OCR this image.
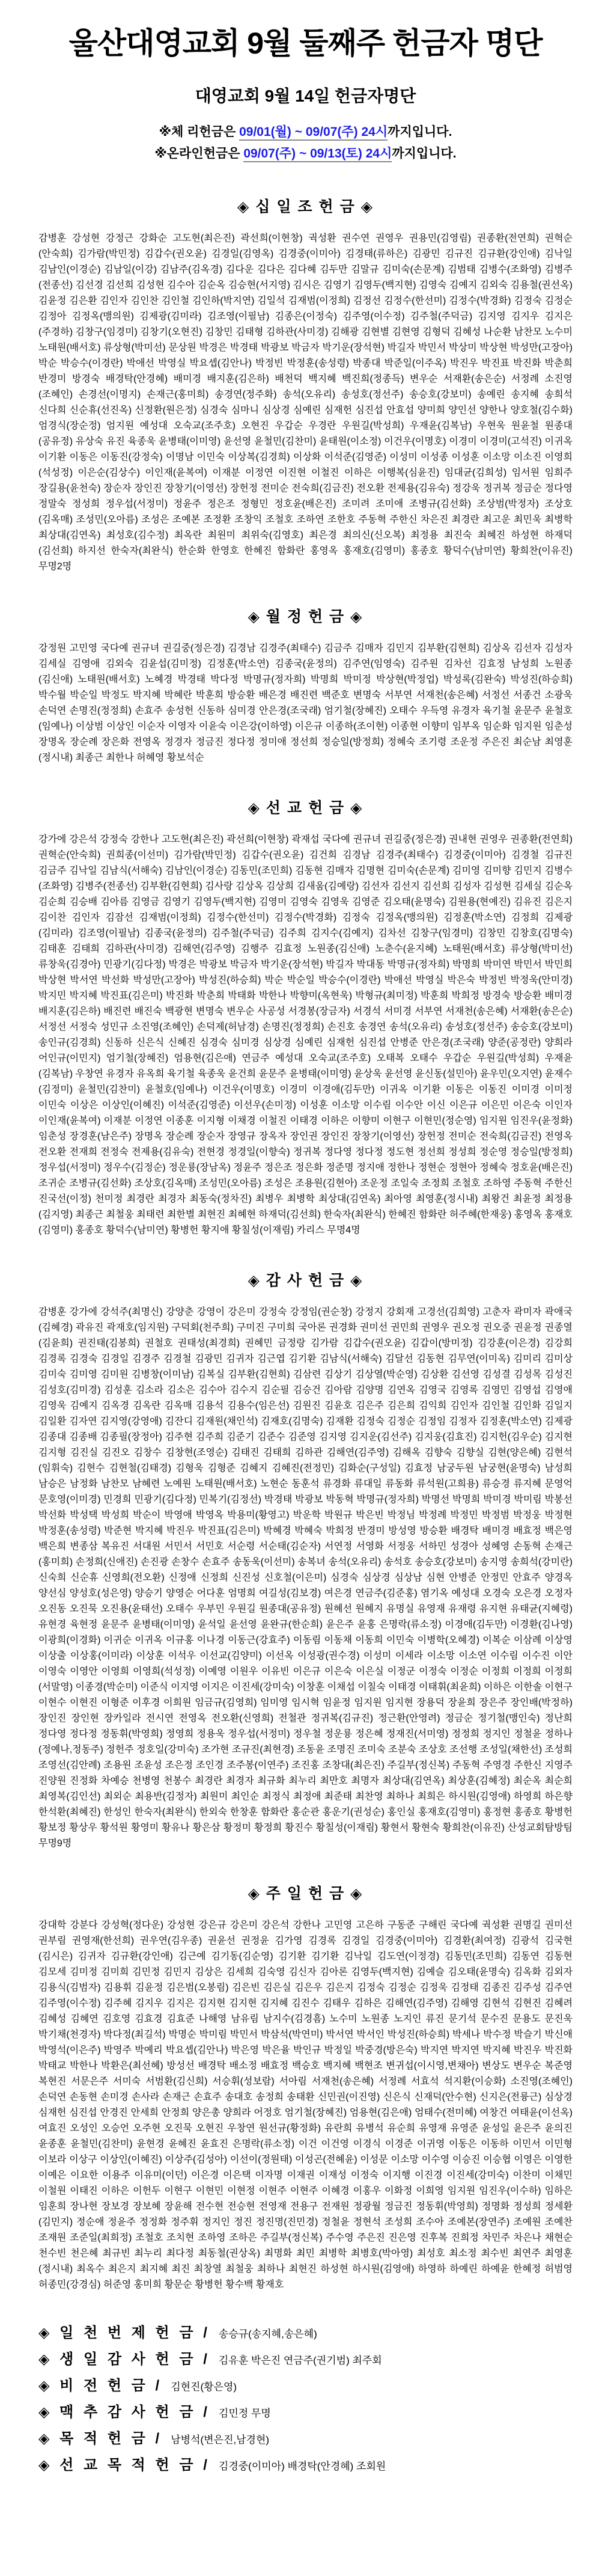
울산대영교회 9월 둘째주 헌금자 명단
대영교회 9월 14일 헌금자명단

※체 리헌금은 09/01(월) ~ 09/07(주) 24시까지입니다.

※온라인헌금은 09/07(주) ~ 09/13(토) 24시까지입니다.

◈ 십 일 조 헌 금 ◈

감병훈 강성현 강정근 강화순 고도현(최은진) 곽선희(이현창) 궉성환 권수연 권영우 권용민(김영림) 권종환(전연희) 권혁순(안숙희) 김가람(박민정) 김갑수(권오윤) 김경일(김영옥) 김경중(이미아) 김경태(류하은) 김광민 김규진 김규환(강인애) 김낙일 김남인(이경순) 김남일(이강) 김남주(김옥경) 김다운 김다은 김다혜 김두만 김말규 김미숙(손문계) 김범태 김병수(조화영) 김병주(전종선) 김선경 김선희 김성현 김수아 김순옥 김승현(서지영) 김시은 김영기 김영두(백지현) 김영숙 김예지 김외숙 김용철(권선옥) 김윤정 김은환 김인자 김인찬 김인철 김인하(박지연) 김일석 김재범(이정희) 김정선 김정수(한선미) 김정수(박경화) 김정숙 김정순 김정아 김정옥(맹의원) 김제광(김미라) 김조영(이필남) 김종은(이정숙) 김주영(이수정) 김주철(주덕금) 김지영 김지우 김지은(주경하) 김창구(임경미) 김창기(오현진) 김창민 김태형 김하관(사미경) 김해광 김현별 김현영 김형덕 김혜성 나순환 남찬모 노수미 노태원(배서호) 류상형(박미선) 문상원 박경은 박경태 박광보 박금자 박기운(장석현) 박길자 박민서 박상미 박상현 박성만(고장아) 박순 박승수(이경란) 박애선 박영실 박요셉(김안나) 박정빈 박정훈(송성령) 박종대 박준일(이주옥) 박진우 박진표 박진화 박춘희 반경미 방경숙 배경탁(안경혜) 배미경 배지훈(김은하) 배천덕 백지혜 백진희(정종득) 변우순 서재환(송은순) 서정례 소진영(조혜인) 손경선(이명지) 손재근(홍미희) 송경연(정주화) 송석(오유리) 송성호(정선주) 송승호(강보미) 송예린 송지혜 송희석 신다희 신순휴(선진옥) 신정환(원은정) 심경숙 심마니 심상경 심예린 심재헌 심진섭 안효섭 양미희 양인선 양한나 양호철(김수화) 엄경식(장순정) 엄지원 예성대 오숙교(조주호) 오현진 우갑순 우경란 우원길(박성희) 우재윤(김복남) 우현욱 원윤철 원종대(공유정) 유상숙 유진 육종욱 윤병태(이미영) 윤선영 윤철민(김찬미) 윤태원(이소정) 이건우(이명호) 이경미 이경미(고석진) 이귀옥 이기환 이동은 이동진(강정숙) 이명남 이민숙 이상복(김경희) 이상화 이석준(김영준) 이성미 이성종 이성훈 이소망 이소진 이영희(석성정) 이은순(김상수) 이인재(윤복여) 이재분 이정연 이진현 이철진 이하은 이행복(심윤진) 임대균(김희성) 임서원 임희주 장길용(윤천숙) 장순자 장인진 장창기(이영선) 장헌정 전미순 전숙희(김금진) 전오환 전제용(김유숙) 정강욱 정귀복 정금순 정다영 정말숙 정성희 정우섭(서정미) 정윤주 정은조 정형민 정호윤(배은진) 조미려 조미애 조병규(김선화) 조상범(박정자) 조상호(김옥매) 조성민(오아름) 조성은 조예본 조정환 조창익 조철호 조하연 조한호 주동혁 주한신 차은진 최경란 최고운 최민욱 최병학 최상대(김연옥) 최성호(김수정) 최옥란 최원미 최위숙(김영호) 최은경 최의신(신오복) 최정용 최진숙 최혜진 하성현 하재덕(김선희) 하지선 한숙자(최완식) 한순화 한영호 한혜진 함화란 홍영옥 홍재호(김영미) 홍종호 황덕수(남미연) 황희찬(이유진) 무명2명

◈ 월 정 헌 금 ◈

강정원 고민영 국다예 권규녀 권길중(정은경) 김경남 김경주(최태수) 김금주 김매자 김민지 김부환(김현희) 김상옥 김선자 김성자 김세실 김영애 김외숙 김윤섭(김미정) 김정훈(박소연) 김종국(윤정의) 김주연(임영숙) 김주원 김차선 김효정 남성희 노원종(김신애) 노태원(배서호) 노혜경 박경태 박다정 박명규(정자희) 박명희 박미정 박상현(박정업) 박성록(김완숙) 박성진(하승희) 박수월 박순일 박정도 박지혜 박혜란 박훈희 방승환 배은경 배진련 백준호 변명숙 서부연 서재천(송은혜) 서정선 서종건 소광욱 손덕연 손명진(정정희) 손효주 송성헌 신동하 심미경 안은경(조국래) 엄기철(장혜진) 오태수 우득영 유경자 육기철 윤문주 윤철호(임예나) 이상범 이상인 이순자 이영자 이윤숙 이은강(이하영) 이은규 이종하(조이현) 이종현 이향미 임부옥 임순화 임지원 임춘성 장명옥 장순례 장은화 전영옥 정경자 정금진 정다정 정미애 정선희 정승일(방정희) 정혜숙 조기령 조운정 주은진 최순남 최영훈(정시내) 최종근 최한나 허혜영 황보석순

◈ 선 교 헌 금 ◈

강가에 강은석 강정숙 강한나 고도현(최은진) 곽선희(이현창) 곽재섭 국다예 권규녀 권길중(정은경) 권내현 권영우 권종환(전연희) 권혁순(안숙희) 권희종(이선미) 김가람(박민정) 김갑수(권오윤) 김건희 김경남 김경주(최태수) 김경중(이미아) 김경철 김규진 김금주 김낙일 김남식(서해숙) 김남인(이경순) 김동민(조민희) 김동현 김매자 김명현 김미숙(손문계) 김미영 김미향 김민지 김병수(조화영) 김병주(전종선) 김부환(김현희) 김사랑 김상옥 김상희 김새움(김예랑) 김선자 김선지 김선희 김성자 김성현 김세실 김순옥 김순희 김승배 김아름 김영금 김영기 김영두(백지현) 김영미 김영숙 김영욱 김영준 김오태(윤명숙) 김원용(현예진) 김유진 김은지 김이찬 김인자 김잠선 김재범(이정희) 김정수(한선미) 김정수(박경화) 김정숙 김정옥(맹의원) 김정훈(박소연) 김정희 김제광(김미라) 김조영(이필남) 김종국(윤정의) 김주철(주덕금) 김주희 김지수(김예지) 김차선 김창구(임경미) 김창민 김창호(김명숙) 김태훈 김태희 김하관(사미경) 김해연(김주영) 김행주 김효정 노원종(김신애) 노춘수(윤지혜) 노태원(배서호) 류상형(박미선) 류창욱(김경아) 민광기(김다정) 박경은 박광보 박금자 박기운(장석현) 박길자 박대동 박명규(정자희) 박명희 박미연 박민서 박민희 박상현 박서연 박선화 박성만(고장아) 박성진(하승희) 박순 박순일 박승수(이경란) 박애선 박영실 박은숙 박정빈 박정욱(안미경) 박지민 박지혜 박진표(김은미) 박진화 박춘희 박태화 박한나 박향미(옥현욱) 박형규(최미정) 박훈희 박희정 방경숙 방승환 배미경 배지훈(김은하) 배진련 배진숙 백광현 변명숙 변우순 사공성 서경봉(장금자) 서경석 서미경 서부연 서재천(송은혜) 서재환(송은순) 서정선 서정숙 성민규 소진영(조혜인) 손덕제(허남경) 손명진(정정희) 손진호 송경연 송석(오유리) 송성호(정선주) 송승호(강보미) 송인규(김경희) 신동하 신은식 신혜진 심경숙 심미경 심상경 심예린 심재헌 심진섭 안병준 안은경(조국래) 양준(공정란) 양희라 어인규(이민지) 엄기철(장혜진) 엄용현(김은애) 연금주 예성대 오숙교(조주호) 오태복 오태수 우갑순 우원길(박성희) 우재윤(김복남) 우창연 유경자 유옥희 육기철 육종욱 윤건희 윤문주 윤병태(이미영) 윤상욱 윤선영 윤신동(설민아) 윤우민(오지연) 윤재수(김정미) 윤철민(김찬미) 윤철호(임예나) 이건우(이명호) 이경미 이경애(김두만) 이귀옥 이기환 이동은 이동진 이미경 이미정 이민숙 이상은 이상인(이혜진) 이석준(김영준) 이선우(손미정) 이성훈 이소망 이수림 이수안 이신 이은규 이은민 이은숙 이인자 이인재(윤복여) 이재분 이정연 이종훈 이지형 이채경 이철진 이태경 이하은 이향미 이현구 이현민(정순영) 임지원 임진우(윤정화) 임춘성 장경훈(남은주) 장명옥 장순례 장순자 장영규 장옥자 장인권 장인진 장창기(이영선) 장헌정 전미순 전숙희(김금진) 전영옥 전오환 전재희 전정숙 전제용(김유숙) 전현경 정경일(이향숙) 정귀복 정다영 정다정 정도현 정선희 정성희 정순영 정승일(방정희) 정우섭(서정미) 정우수(김정순) 정운룡(장남옥) 정윤주 정은조 정은화 정준명 정지애 정한나 정현순 정현아 정혜숙 정호윤(배은진) 조귀순 조병규(김선화) 조상호(김옥매) 조성민(오아름) 조성은 조용원(김현아) 조운정 조일숙 조정희 조철호 조하영 주동혁 주한신 진국선(이정) 천미정 최경란 최경자 최동숙(정차진) 최병우 최병학 최상대(김연옥) 최아영 최영훈(정시내) 최왕건 최윤정 최정용(김지영) 최종근 최철웅 최태련 최한별 최현진 최혜현 하재덕(김선희) 한숙자(최완식) 한혜진 함화란 허주혜(한재웅) 홍영옥 홍재호(김영미) 홍종호 황덕수(남미연) 황병헌 황지애 황칠성(이재림) 카리스 무명4명

◈ 감 사 헌 금 ◈

감병훈 강가에 강석주(최명신) 강양춘 강영이 강은미 강정숙 강정임(권순창) 강정지 강회재 고경선(김희영) 고춘자 곽미자 곽애국(김혜경) 곽유진 곽재호(임지원) 구덕회(천주희) 구미진 구미희 국아론 권경화 권미선 권민희 권영우 권오정 권오중 권윤정 권종열(김윤희) 권진태(김봉희) 권철호 권태성(최경희) 권혜민 금정랑 김가람 김갑수(권오윤) 김갑이(방미정) 김강훈(이은경) 김강희 김경록 김경숙 김경일 김경주 김경철 김광민 김귀자 김근엽 김기환 김남식(서해숙) 김달선 김동현 김무연(이미옥) 김미리 김미상 김미숙 김미영 김미원 김병창(이미남) 김복실 김부환(김현희) 김삼련 김상기 김상열(박순영) 김상환 김선영 김성결 김성목 김성진 김성호(김미경) 김성훈 김소라 김소은 김수아 김수지 김순필 김승건 김아람 김양명 김연옥 김영국 김영록 김영민 김영섭 김영애 김영욱 김예지 김옥경 김옥란 김옥매 김용석 김용수(임은선) 김원진 김윤호 김은주 김은희 김익희 김인자 김인철 김인화 김일지 김일환 김자연 김지영(강영애) 김잔디 김재원(채인석) 김재호(김명숙) 김재환 김정숙 김정순 김정임 김정자 김정훈(박소연) 김제광 김종대 김종배 김종필(장정아) 김주현 김주희 김준기 김준수 김준영 김지영 김지운(김선주) 김지웅(김효진) 김지헌(김우순) 김지현 김지형 김진실 김진오 김창수 김창현(조영순) 김태진 김태희 김하관 김해연(김주영) 김해옥 김향숙 김향실 김현(양은혜) 김현석(임휘숙) 김현수 김현철(김태경) 김형욱 김형준 김혜지 김혜진(전정민) 김화순(구성일) 김효정 남궁두원 남궁현(윤명숙) 남성희 남승은 남정화 남찬모 남혜련 노예원 노태원(배서호) 노현순 동훈석 류경화 류대일 류동화 류석원(고희용) 류승경 류지혜 문영억 문호영(이미경) 민경희 민광기(김다정) 민복기(김정선) 박경태 박광보 박동혁 박명규(정자희) 박명선 박명희 박미경 박미림 박봉선 박선화 박성택 박성희 박순이 박영애 박영옥 박용미(황영고) 박운학 박원규 박은빈 박정님 박정례 박정민 박정범 박정웅 박정현 박정훈(송성령) 박준현 박지혜 박진우 박진표(김은미) 박혜경 박혜숙 박희정 반경미 방성영 방승환 배경탁 배미경 배효정 백은영 백은희 변종삼 복유진 서대원 서민서 서민호 서순령 서순태(김순자) 서연정 서영화 서정웅 서하민 성경아 성혜영 손동혁 손재근(홍미희) 손정희(신애진) 손진광 손창수 손효주 송동욱(이선미) 송복녀 송석(오유리) 송석호 송승호(강보미) 송지영 송희석(강미란) 신숙희 신순휴 신영희(전오환) 신정애 신정희 신진성 신호철(이은미) 심경숙 심상경 심상남 심현 안병준 안정민 안효주 양경옥 양선심 양성호(성은영) 양승기 양영순 어다훈 엄명희 여길성(김보경) 여은경 연금주(김준홍) 염기옥 예성대 오경숙 오은경 오정자 오진동 오진묵 오진용(윤태선) 오태수 우부민 우원길 원종대(공유정) 원혜선 원혜지 유명실 유영재 유재령 유지현 유태균(지혜령) 유현경 육현정 윤문주 윤병태(이미영) 윤석일 윤선영 윤완규(한순희) 윤은주 윤홍 은명락(류소정) 이경애(김두만) 이경환(김나영) 이광희(이경화) 이귀순 이귀옥 이규홍 이나경 이동근(강효주) 이동림 이동채 이동희 이민숙 이병학(오혜경) 이복순 이삼례 이상영 이상출 이상홍(이미라) 이상훈 이석우 이선교(김양미) 이선옥 이성광(권수경) 이성미 이세라 이소망 이소연 이수림 이수진 이안 이영숙 이영안 이영희 이영희(석성정) 이예영 이원우 이유빈 이은규 이은숙 이은실 이정군 이정숙 이정순 이정희 이정희 이정희(서말영) 이종경(박순미) 이준식 이지영 이지은 이진세(강미숙) 이창훈 이채섭 이칠숙 이태경 이태휘(최윤희) 이하은 이한솔 이현구 이현수 이현진 이형준 이후경 이희원 임금규(김영희) 임미영 임시혁 임윤정 임지원 임지현 장용덕 장윤희 장은주 장인배(박정하) 장인진 장인현 장카일라 전시연 전영옥 전오환(신영희) 전철관 정귀복(김규진) 정근환(안영려) 정금순 정기철(맹인숙) 정난희 정다영 정다정 정동휘(박영희) 정영희 정용욱 정우섭(서정미) 정우철 정운룡 정은혜 정재진(서미영) 정정희 정지인 정철윤 정하나(정예나,정동주) 정헌주 정호일(강미숙) 조가현 조규진(최현경) 조동윤 조명진 조미숙 조분숙 조상호 조선행 조성일(채한선) 조성희 조영선(김안례) 조용원 조윤성 조은정 조인경 조주봉(이연주) 조진홍 조창대(최은진) 주길부(정신복) 주동혁 주영경 주한신 지영주 진양원 진정화 차예승 천병영 천봉수 최경란 최경자 최규화 최누리 최만호 최명자 최상대(김연옥) 최상훈(김혜정) 최순옥 최순희 최영복(김인선) 최외순 최용반(김정자) 최원미 최인순 최정식 최정애 최준태 최찬영 최하나 최희은 하시원(김영애) 하영희 하은향 한석환(최혜진) 한성인 한숙자(최완식) 한외숙 한창훈 함화란 홍순관 홍운기(권성순) 홍인실 홍재호(김영미) 홍정현 홍종호 황병헌 황보정 황상우 황석원 황영미 황유나 황은삼 황정미 황정희 황진수 황칠성(이재림) 황현서 황현숙 황희찬(이유진) 산성교회탐방팀 무명9명

◈ 주 일 헌 금 ◈

강대학 강분다 강성혁(정다운) 강성현 강은규 강은미 강은석 강한나 고민영 고은하 구동준 구해린 국다예 궉성환 권명길 권미선 권부림 권영재(한선희) 권우연(김우종) 권윤선 권정윤 김가영 김경록 김경일 김경중(이미아) 김경환(최여정) 김광석 김국현(김시은) 김귀자 김규환(강인애) 김근예 김기동(김순영) 김기환 김기환 김낙일 김도연(이정경) 김동민(조민희) 김동연 김동현 김모세 김미정 김미희 김민정 김민지 김상은 김세희 김숙영 김신자 김아론 김영두(백지현) 김예슬 김오태(윤명숙) 김옥화 김외자 김용식(김범자) 김용휘 김윤정 김은범(오봉림) 김은빈 김은실 김은우 김은지 김정숙 김정순 김정욱 김정태 김종진 김주성 김주연 김주영(이수정) 김주혜 김지우 김지은 김지현 김지현 김지혜 김진수 김태우 김하은 김해연(김주영) 김해영 김현석 김현진 김혜려 김혜성 김혜연 김호영 김효경 김효준 나해영 남유림 남지수(김경흠) 노수미 노원종 노지인 류진 문기석 문수진 문용도 문진욱 박기채(천경자) 박다정(최길석) 박명순 박미림 박민서 박삼석(박연미) 박서연 박서인 박성진(하승희) 박세나 박수정 박슬기 박신애 박영석(이은주) 박영주 박예리 박요셉(김안나) 박은영 박은율 박인규 박정일 박중경(방은숙) 박지연 박지연 박지혜 박진우 박진화 박태교 박한나 박환은(최선혜) 방성선 배경탁 배소정 배효정 백승호 백지혜 백현조 변귀섭(이시영,변채아) 변상도 변우순 복준영 복현진 서문은주 서미숙 서범환(김신희) 서승휘(성보람) 서아림 서재천(송은혜) 서정례 서효석 석지환(이승화) 소진영(조혜인) 손덕연 손동현 손미경 손사라 손재근 손효주 송대호 송정희 송태환 신민권(이진영) 신은식 신재덕(안수현) 신지은(전륭근) 심상경 심재헌 심진섭 안경진 안세희 안정희 양은총 양희라 어정호 엄기철(장혜진) 엄용현(김은애) 엄태수(전미혜) 여창건 여태윤(이선옥) 여효진 오성인 오승언 오주현 오진묵 오현진 우창연 원선규(황정화) 유란희 유병석 유순희 유영재 유영준 윤성일 윤은주 윤의진 윤종훈 윤철민(김찬미) 윤현경 윤혜진 윤효진 은명락(류소정) 이건 이건영 이경식 이경준 이귀영 이동은 이동하 이민서 이민형 이보라 이상구 이상인(이혜진) 이상주(김성아) 이선이(정원태) 이성곤(전혜윤) 이성문 이소망 이수영 이승진 이승협 이영은 이영한 이예은 이요한 이용주 이유미(이던) 이은경 이은택 이자명 이재권 이재성 이정숙 이지행 이진경 이진세(강미숙) 이찬미 이채민 이철원 이태진 이하은 이헌두 이현구 이현민 이현정 이현주 이현주 이혜경 이홍우 이화정 이희영 임지원 임진우(이수하) 임하은 임훈희 장나현 장보경 장보혜 장윤해 전수현 전승현 전영재 전용구 전재원 정광월 정금진 정동휘(박영희) 정명화 정성희 정세환(김민지) 정순애 정윤주 정정화 정주휘 정지인 정진 정진명(진민경) 정철윤 정현석 조성희 조수아 조예본(장연주) 조예원 조예찬 조재원 조준일(최희정) 조철호 조치현 조하영 조하은 주길부(정신복) 주수영 주은진 진은영 진후복 진희정 차민주 차은나 채현순 천수빈 천은혜 최규빈 최누리 최다정 최동철(권상옥) 최명화 최민 최병학 최병호(박아영) 최성호 최소정 최수빈 최연주 최영훈(정시내) 최옥수 최은지 최지혜 최진 최창열 최철웅 최하나 최현진 하성현 하시원(김영애) 하영하 하예린 하예윤 한혜정 허범영 허종민(강경심) 허준영 홍미희 황문순 황병헌 황수백 황재호

◈ 일 천 번 제 헌 금 / 송승규(송지혜,송은혜)
◈ 생 일 감 사 헌 금 / 김유훈 박은진 연금주(권기범) 최주회
◈ 비 전 헌 금 / 김현진(황은영)
◈ 맥 추 감 사 헌 금 / 김민정 무명
◈ 목 적 헌 금 / 남병석(변은진,남경현)
◈ 선 교 목 적 헌 금 / 김경중(이미아) 배경탁(안경혜) 조회원
